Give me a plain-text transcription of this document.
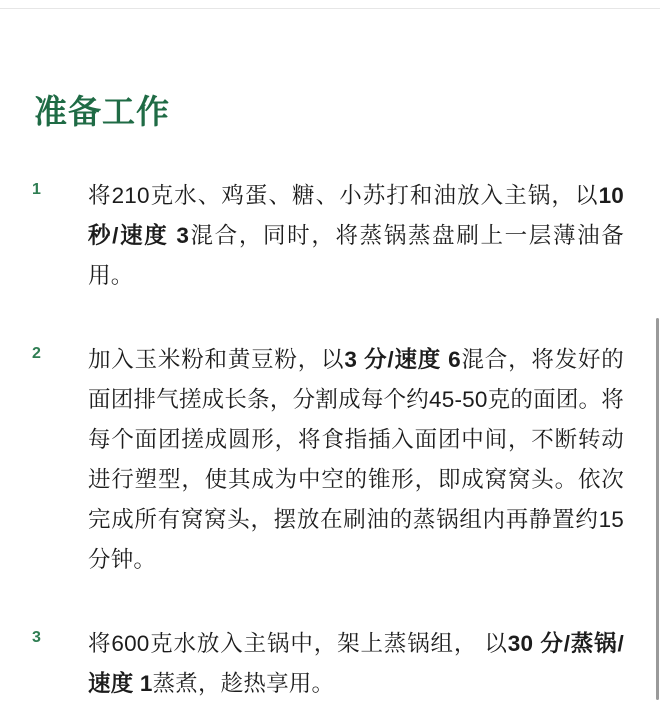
准备工作
1	将210克水、鸡蛋、糖、小苏打和油放入主锅，以10 秒/速度 3混合，同时，将蒸锅蒸盘刷上一层薄油备用。
2	加入玉米粉和黄豆粉，以3 分/速度 6混合，将发好的面团排气搓成长条，分割成每个约45-50克的面团。将每个面团搓成圆形，将食指插入面团中间，不断转动进行塑型，使其成为中空的锥形，即成窝窝头。依次完成所有窝窝头，摆放在刷油的蒸锅组内再静置约15分钟。
3	将600克水放入主锅中，架上蒸锅组， 以30 分/蒸锅/速度 1蒸煮，趁热享用。
